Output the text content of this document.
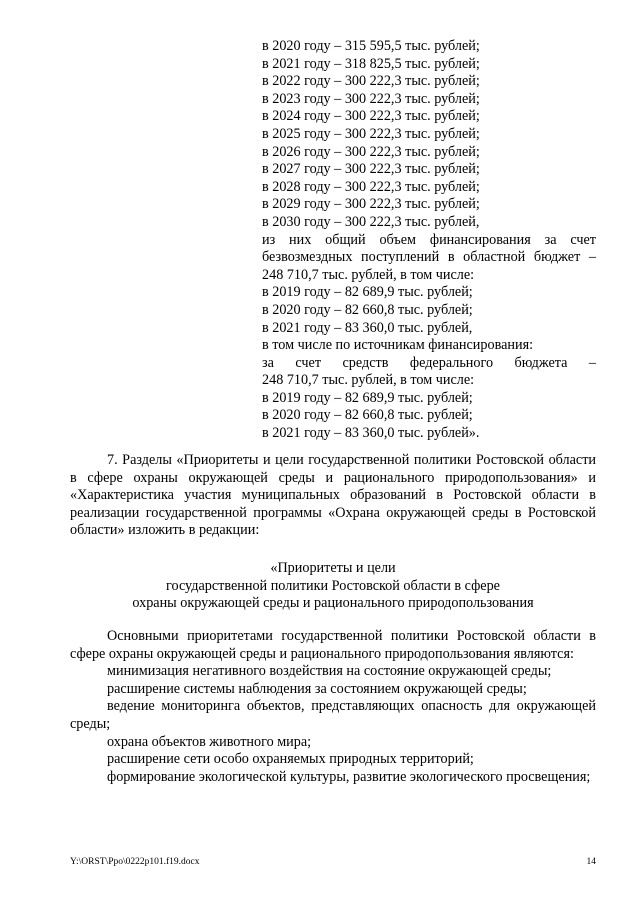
в 2020 году – 315 595,5 тыс. рублей;
в 2021 году – 318 825,5 тыс. рублей;
в 2022 году – 300 222,3 тыс. рублей;
в 2023 году – 300 222,3 тыс. рублей;
в 2024 году – 300 222,3 тыс. рублей;
в 2025 году – 300 222,3 тыс. рублей;
в 2026 году – 300 222,3 тыс. рублей;
в 2027 году – 300 222,3 тыс. рублей;
в 2028 году – 300 222,3 тыс. рублей;
в 2029 году – 300 222,3 тыс. рублей;
в 2030 году – 300 222,3 тыс. рублей,
из них общий объем финансирования за счет
безвозмездных поступлений в областной бюджет –
248 710,7 тыс. рублей, в том числе:
в 2019 году – 82 689,9 тыс. рублей;
в 2020 году – 82 660,8 тыс. рублей;
в 2021 году – 83 360,0 тыс. рублей,
в том числе по источникам финансирования:
за счет средств федерального бюджета –
248 710,7 тыс. рублей, в том числе:
в 2019 году – 82 689,9 тыс. рублей;
в 2020 году – 82 660,8 тыс. рублей;
в 2021 году – 83 360,0 тыс. рублей».
7. Разделы «Приоритеты и цели государственной политики Ростовской области в сфере охраны окружающей среды и рационального природопользования» и «Характеристика участия муниципальных образований в Ростовской области в реализации государственной программы «Охрана окружающей среды в Ростовской области» изложить в редакции:
«Приоритеты и цели
государственной политики Ростовской области в сфере
охраны окружающей среды и рационального природопользования
Основными приоритетами государственной политики Ростовской области в сфере охраны окружающей среды и рационального природопользования являются:
минимизация негативного воздействия на состояние окружающей среды;
расширение системы наблюдения за состоянием окружающей среды;
ведение мониторинга объектов, представляющих опасность для окружающей среды;
охрана объектов животного мира;
расширение сети особо охраняемых природных территорий;
формирование экологической культуры, развитие экологического просвещения;
Y:\ORST\Ppo\0222p101.f19.docx	14
